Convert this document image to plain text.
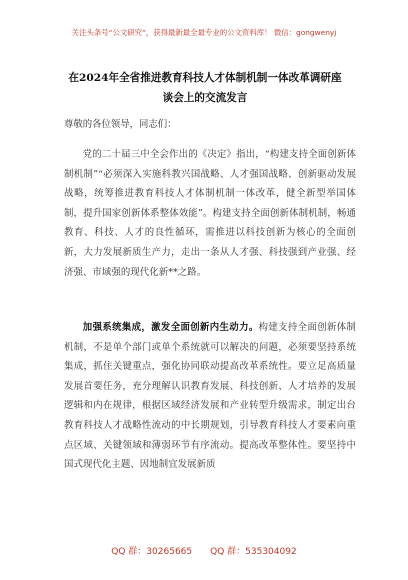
关注头条号“公文研究”，获得最新最全最专业的公文资料库！ 微信：gongwenyj
在2024年全省推进教育科技人才体制机制一体改革调研座
谈会上的交流发言
尊敬的各位领导，同志们：
党的二十届三中全会作出的《决定》指出，“构建支持全面创新体制机制”“必须深入实施科教兴国战略、人才强国战略、创新驱动发展战略，统筹推进教育科技人才体制机制一体改革，健全新型举国体制，提升国家创新体系整体效能”。构建支持全面创新体制机制，畅通教育、科技、人才的良性循环，需推进以科技创新为核心的全面创新，大力发展新质生产力，走出一条从人才强、科技强到产业强、经济强、市域强的现代化新**之路。
加强系统集成，激发全面创新内生动力。构建支持全面创新体制机制，不是单个部门或单个系统就可以解决的问题，必须要坚持系统集成，抓住关键重点，强化协同联动提高改革系统性。要立足高质量发展首要任务，充分理解认识教育发展、科技创新、人才培养的发展逻辑和内在规律，根据区域经济发展和产业转型升级需求，制定出台教育科技人才战略性流动的中长期规划，引导教育科技人才要素向重点区域、关键领域和薄弱环节有序流动。提高改革整体性。要坚持中国式现代化主题、因地制宜发展新质
QQ 群：30265665 QQ 群：535304092
